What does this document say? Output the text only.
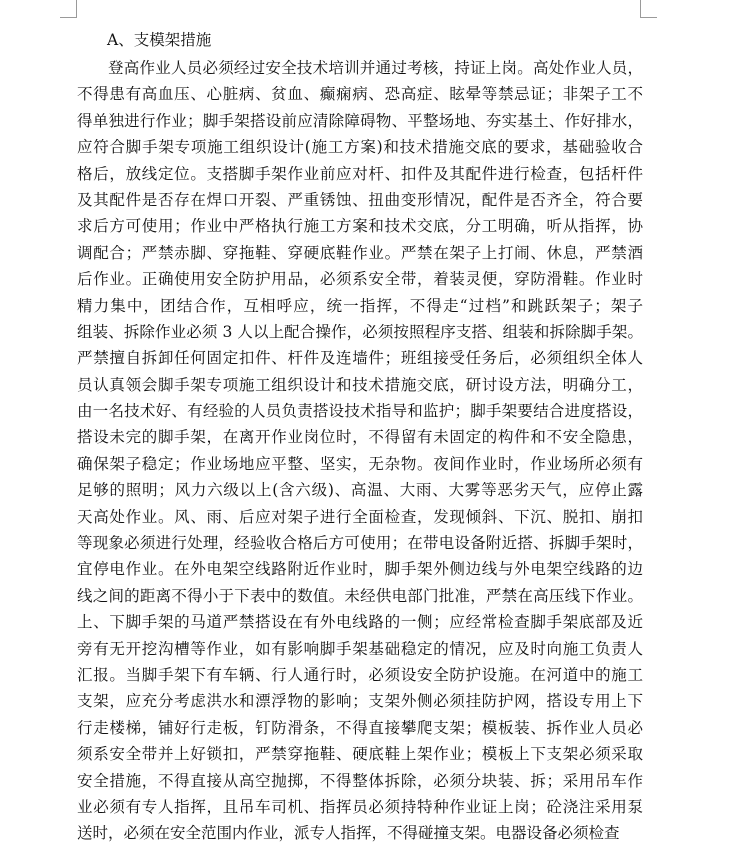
A、支模架措施
登高作业人员必须经过安全技术培训并通过考核，持证上岗。高处作业人员，
不得患有高血压、心脏病、贫血、癫痫病、恐高症、眩晕等禁忌证；非架子工不
得单独进行作业；脚手架搭设前应清除障碍物、平整场地、夯实基土、作好排水，
应符合脚手架专项施工组织设计(施工方案)和技术措施交底的要求，基础验收合
格后，放线定位。支搭脚手架作业前应对杆、扣件及其配件进行检查，包括杆件
及其配件是否存在焊口开裂、严重锈蚀、扭曲变形情况，配件是否齐全，符合要
求后方可使用；作业中严格执行施工方案和技术交底，分工明确，听从指挥，协
调配合；严禁赤脚、穿拖鞋、穿硬底鞋作业。严禁在架子上打闹、休息，严禁酒
后作业。正确使用安全防护用品，必须系安全带，着装灵便，穿防滑鞋。作业时
精力集中，团结合作，互相呼应，统一指挥，不得走“过档”和跳跃架子；架子
组装、拆除作业必须 3 人以上配合操作，必须按照程序支搭、组装和拆除脚手架。
严禁擅自拆卸任何固定扣件、杆件及连墙件；班组接受任务后，必须组织全体人
员认真领会脚手架专项施工组织设计和技术措施交底，研讨设方法，明确分工，
由一名技术好、有经验的人员负责搭设技术指导和监护；脚手架要结合进度搭设，
搭设未完的脚手架，在离开作业岗位时，不得留有未固定的构件和不安全隐患，
确保架子稳定；作业场地应平整、坚实，无杂物。夜间作业时，作业场所必须有
足够的照明；风力六级以上(含六级)、高温、大雨、大雾等恶劣天气，应停止露
天高处作业。风、雨、后应对架子进行全面检查，发现倾斜、下沉、脱扣、崩扣
等现象必须进行处理，经验收合格后方可使用；在带电设备附近搭、拆脚手架时，
宜停电作业。在外电架空线路附近作业时，脚手架外侧边线与外电架空线路的边
线之间的距离不得小于下表中的数值。未经供电部门批准，严禁在高压线下作业。
上、下脚手架的马道严禁搭设在有外电线路的一侧；应经常检查脚手架底部及近
旁有无开挖沟槽等作业，如有影响脚手架基础稳定的情况，应及时向施工负责人
汇报。当脚手架下有车辆、行人通行时，必须设安全防护设施。在河道中的施工
支架，应充分考虑洪水和漂浮物的影响；支架外侧必须挂防护网，搭设专用上下
行走楼梯，铺好行走板，钉防滑条，不得直接攀爬支架；模板装、拆作业人员必
须系安全带并上好锁扣，严禁穿拖鞋、硬底鞋上架作业；模板上下支架必须采取
安全措施，不得直接从高空抛掷，不得整体拆除，必须分块装、拆；采用吊车作
业必须有专人指挥，且吊车司机、指挥员必须持特种作业证上岗；砼浇注采用泵
送时，必须在安全范围内作业，派专人指挥，不得碰撞支架。电器设备必须检查
